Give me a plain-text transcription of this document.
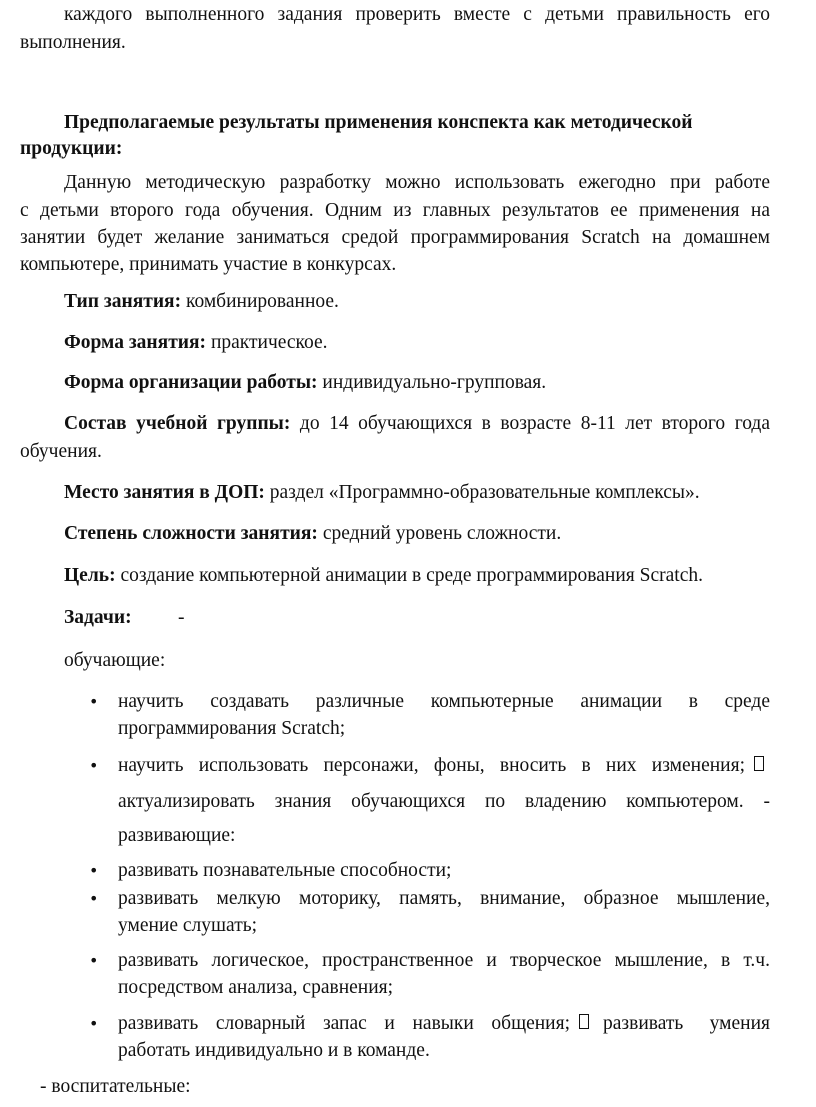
каждого выполненного задания проверить вместе с детьми правильность его
выполнения.
Предполагаемые результаты применения конспекта как методической
продукции:
Данную методическую разработку можно использовать ежегодно при работе
с детьми второго года обучения. Одним из главных результатов ее применения на
занятии будет желание заниматься средой программирования Scratch на домашнем
компьютере, принимать участие в конкурсах.
Тип занятия: комбинированное.
Форма занятия: практическое.
Форма организации работы: индивидуально-групповая.
Состав учебной группы: до 14 обучающихся в возрасте 8-11 лет второго года
обучения.
Место занятия в ДОП: раздел «Программно-образовательные комплексы».
Степень сложности занятия: средний уровень сложности.
Цель: создание компьютерной анимации в среде программирования Scratch.
Задачи: -
обучающие:
• научить создавать различные компьютерные анимации в среде
программирования Scratch;
• научить использовать персонажи, фоны, вносить в них изменения;
актуализировать знания обучающихся по владению компьютером. -
развивающие:
• развивать познавательные способности;
• развивать мелкую моторику, память, внимание, образное мышление,
умение слушать;
• развивать логическое, пространственное и творческое мышление, в т.ч.
посредством анализа, сравнения;
• развивать словарный запас и навыки общения; развивать умения
работать индивидуально и в команде.
- воспитательные:
